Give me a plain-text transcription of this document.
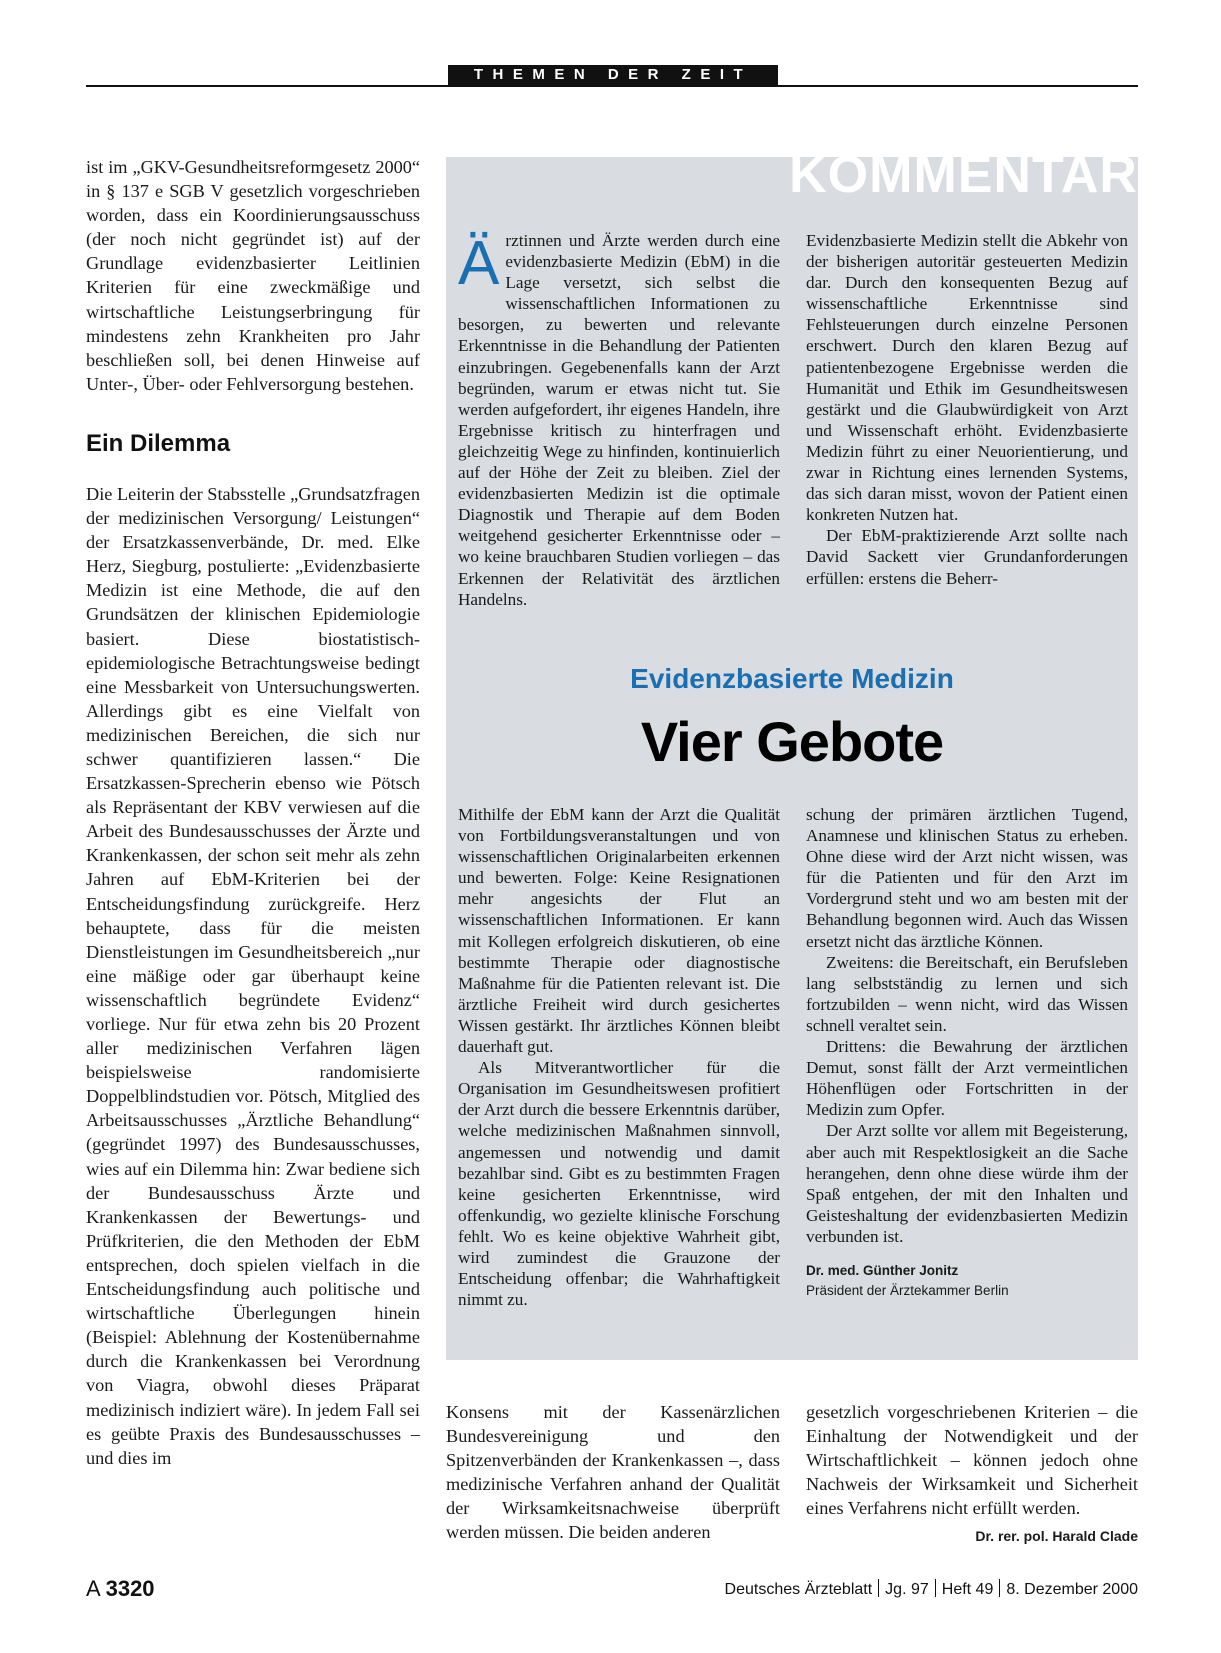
THEMEN DER ZEIT

ist im „GKV-Gesundheitsreformgesetz 2000“ in § 137 e SGB V gesetzlich vorgeschrieben worden, dass ein Koordinierungsausschuss (der noch nicht gegründet ist) auf der Grundlage evidenzbasierter Leitlinien Kriterien für eine zweckmäßige und wirtschaftliche Leistungserbringung für mindestens zehn Krankheiten pro Jahr beschließen soll, bei denen Hinweise auf Unter-, Über- oder Fehlversorgung bestehen.

Ein Dilemma

Die Leiterin der Stabsstelle „Grundsatzfragen der medizinischen Versorgung/ Leistungen“ der Ersatzkassenverbände, Dr. med. Elke Herz, Siegburg, postulierte: „Evidenzbasierte Medizin ist eine Methode, die auf den Grundsätzen der klinischen Epidemiologie basiert. Diese biostatistisch-epidemiologische Betrachtungsweise bedingt eine Messbarkeit von Untersuchungswerten. Allerdings gibt es eine Vielfalt von medizinischen Bereichen, die sich nur schwer quantifizieren lassen.“ Die Ersatzkassen-Sprecherin ebenso wie Pötsch als Repräsentant der KBV verwiesen auf die Arbeit des Bundesausschusses der Ärzte und Krankenkassen, der schon seit mehr als zehn Jahren auf EbM-Kriterien bei der Entscheidungsfindung zurückgreife. Herz behauptete, dass für die meisten Dienstleistungen im Gesundheitsbereich „nur eine mäßige oder gar überhaupt keine wissenschaftlich begründete Evidenz“ vorliege. Nur für etwa zehn bis 20 Prozent aller medizinischen Verfahren lägen beispielsweise randomisierte Doppelblindstudien vor. Pötsch, Mitglied des Arbeitsausschusses „Ärztliche Behandlung“ (gegründet 1997) des Bundesausschusses, wies auf ein Dilemma hin: Zwar bediene sich der Bundesausschuss Ärzte und Krankenkassen der Bewertungs- und Prüfkriterien, die den Methoden der EbM entsprechen, doch spielen vielfach in die Entscheidungsfindung auch politische und wirtschaftliche Überlegungen hinein (Beispiel: Ablehnung der Kostenübernahme durch die Krankenkassen bei Verordnung von Viagra, obwohl dieses Präparat medizinisch indiziert wäre). In jedem Fall sei es geübte Praxis des Bundesausschusses – und dies im

KOMMENTAR

Ärztinnen und Ärzte werden durch eine evidenzbasierte Medizin (EbM) in die Lage versetzt, sich selbst die wissenschaftlichen Informationen zu besorgen, zu bewerten und relevante Erkenntnisse in die Behandlung der Patienten einzubringen. Gegebenenfalls kann der Arzt begründen, warum er etwas nicht tut. Sie werden aufgefordert, ihr eigenes Handeln, ihre Ergebnisse kritisch zu hinterfragen und gleichzeitig Wege zu hinfinden, kontinuierlich auf der Höhe der Zeit zu bleiben. Ziel der evidenzbasierten Medizin ist die optimale Diagnostik und Therapie auf dem Boden weitgehend gesicherter Erkenntnisse oder – wo keine brauchbaren Studien vorliegen – das Erkennen der Relativität des ärztlichen Handelns.

Evidenzbasierte Medizin stellt die Abkehr von der bisherigen autoritär gesteuerten Medizin dar. Durch den konsequenten Bezug auf wissenschaftliche Erkenntnisse sind Fehlsteuerungen durch einzelne Personen erschwert. Durch den klaren Bezug auf patientenbezogene Ergebnisse werden die Humanität und Ethik im Gesundheitswesen gestärkt und die Glaubwürdigkeit von Arzt und Wissenschaft erhöht. Evidenzbasierte Medizin führt zu einer Neuorientierung, und zwar in Richtung eines lernenden Systems, das sich daran misst, wovon der Patient einen konkreten Nutzen hat.

Der EbM-praktizierende Arzt sollte nach David Sackett vier Grundanforderungen erfüllen: erstens die Beherr-

Evidenzbasierte Medizin
Vier Gebote

Mithilfe der EbM kann der Arzt die Qualität von Fortbildungsveranstaltungen und von wissenschaftlichen Originalarbeiten erkennen und bewerten. Folge: Keine Resignationen mehr angesichts der Flut an wissenschaftlichen Informationen. Er kann mit Kollegen erfolgreich diskutieren, ob eine bestimmte Therapie oder diagnostische Maßnahme für die Patienten relevant ist. Die ärztliche Freiheit wird durch gesichertes Wissen gestärkt. Ihr ärztliches Können bleibt dauerhaft gut.

Als Mitverantwortlicher für die Organisation im Gesundheitswesen profitiert der Arzt durch die bessere Erkenntnis darüber, welche medizinischen Maßnahmen sinnvoll, angemessen und notwendig und damit bezahlbar sind. Gibt es zu bestimmten Fragen keine gesicherten Erkenntnisse, wird offenkundig, wo gezielte klinische Forschung fehlt. Wo es keine objektive Wahrheit gibt, wird zumindest die Grauzone der Entscheidung offenbar; die Wahrhaftigkeit nimmt zu.

schung der primären ärztlichen Tugend, Anamnese und klinischen Status zu erheben. Ohne diese wird der Arzt nicht wissen, was für die Patienten und für den Arzt im Vordergrund steht und wo am besten mit der Behandlung begonnen wird. Auch das Wissen ersetzt nicht das ärztliche Können.

Zweitens: die Bereitschaft, ein Berufsleben lang selbstständig zu lernen und sich fortzubilden – wenn nicht, wird das Wissen schnell veraltet sein.

Drittens: die Bewahrung der ärztlichen Demut, sonst fällt der Arzt vermeintlichen Höhenflügen oder Fortschritten in der Medizin zum Opfer.

Der Arzt sollte vor allem mit Begeisterung, aber auch mit Respektlosigkeit an die Sache herangehen, denn ohne diese würde ihm der Spaß entgehen, der mit den Inhalten und Geisteshaltung der evidenzbasierten Medizin verbunden ist.

Dr. med. Günther Jonitz

Präsident der Ärztekammer Berlin

Konsens mit der Kassenärzlichen Bundesvereinigung und den Spitzenverbänden der Krankenkassen –, dass medizinische Verfahren anhand der Qualität der Wirksamkeitsnachweise überprüft werden müssen. Die beiden anderen

gesetzlich vorgeschriebenen Kriterien – die Einhaltung der Notwendigkeit und der Wirtschaftlichkeit – können jedoch ohne Nachweis der Wirksamkeit und Sicherheit eines Verfahrens nicht erfüllt werden.
Dr. rer. pol. Harald Clade

A 3320	Deutsches Ärzteblatt Jg. 97 Heft 49 8. Dezember 2000
